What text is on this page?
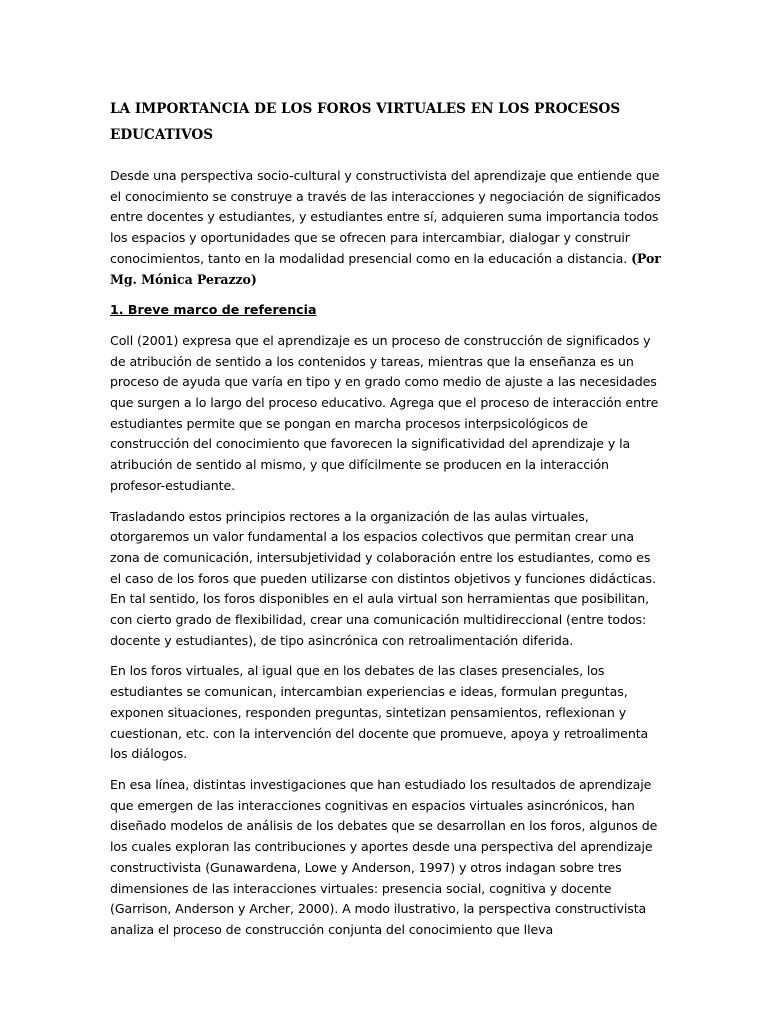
LA IMPORTANCIA DE LOS FOROS VIRTUALES EN LOS PROCESOS EDUCATIVOS

Desde una perspectiva socio-cultural y constructivista del aprendizaje que entiende que el conocimiento se construye a través de las interacciones y negociación de significados entre docentes y estudiantes, y estudiantes entre sí, adquieren suma importancia todos los espacios y oportunidades que se ofrecen para intercambiar, dialogar y construir conocimientos, tanto en la modalidad presencial como en la educación a distancia. (Por Mg. Mónica Perazzo)

1. Breve marco de referencia

Coll (2001) expresa que el aprendizaje es un proceso de construcción de significados y de atribución de sentido a los contenidos y tareas, mientras que la enseñanza es un proceso de ayuda que varía en tipo y en grado como medio de ajuste a las necesidades que surgen a lo largo del proceso educativo. Agrega que el proceso de interacción entre estudiantes permite que se pongan en marcha procesos interpsicológicos de construcción del conocimiento que favorecen la significatividad del aprendizaje y la atribución de sentido al mismo, y que difícilmente se producen en la interacción profesor-estudiante.

Trasladando estos principios rectores a la organización de las aulas virtuales, otorgaremos un valor fundamental a los espacios colectivos que permitan crear una zona de comunicación, intersubjetividad y colaboración entre los estudiantes, como es el caso de los foros que pueden utilizarse con distintos objetivos y funciones didácticas. En tal sentido, los foros disponibles en el aula virtual son herramientas que posibilitan, con cierto grado de flexibilidad, crear una comunicación multidireccional (entre todos: docente y estudiantes), de tipo asincrónica con retroalimentación diferida.

En los foros virtuales, al igual que en los debates de las clases presenciales, los estudiantes se comunican, intercambian experiencias e ideas, formulan preguntas, exponen situaciones, responden preguntas, sintetizan pensamientos, reflexionan y cuestionan, etc. con la intervención del docente que promueve, apoya y retroalimenta los diálogos.

En esa línea, distintas investigaciones que han estudiado los resultados de aprendizaje que emergen de las interacciones cognitivas en espacios virtuales asincrónicos, han diseñado modelos de análisis de los debates que se desarrollan en los foros, algunos de los cuales exploran las contribuciones y aportes desde una perspectiva del aprendizaje constructivista (Gunawardena, Lowe y Anderson, 1997) y otros indagan sobre tres dimensiones de las interacciones virtuales: presencia social, cognitiva y docente (Garrison, Anderson y Archer, 2000). A modo ilustrativo, la perspectiva constructivista analiza el proceso de construcción conjunta del conocimiento que lleva
